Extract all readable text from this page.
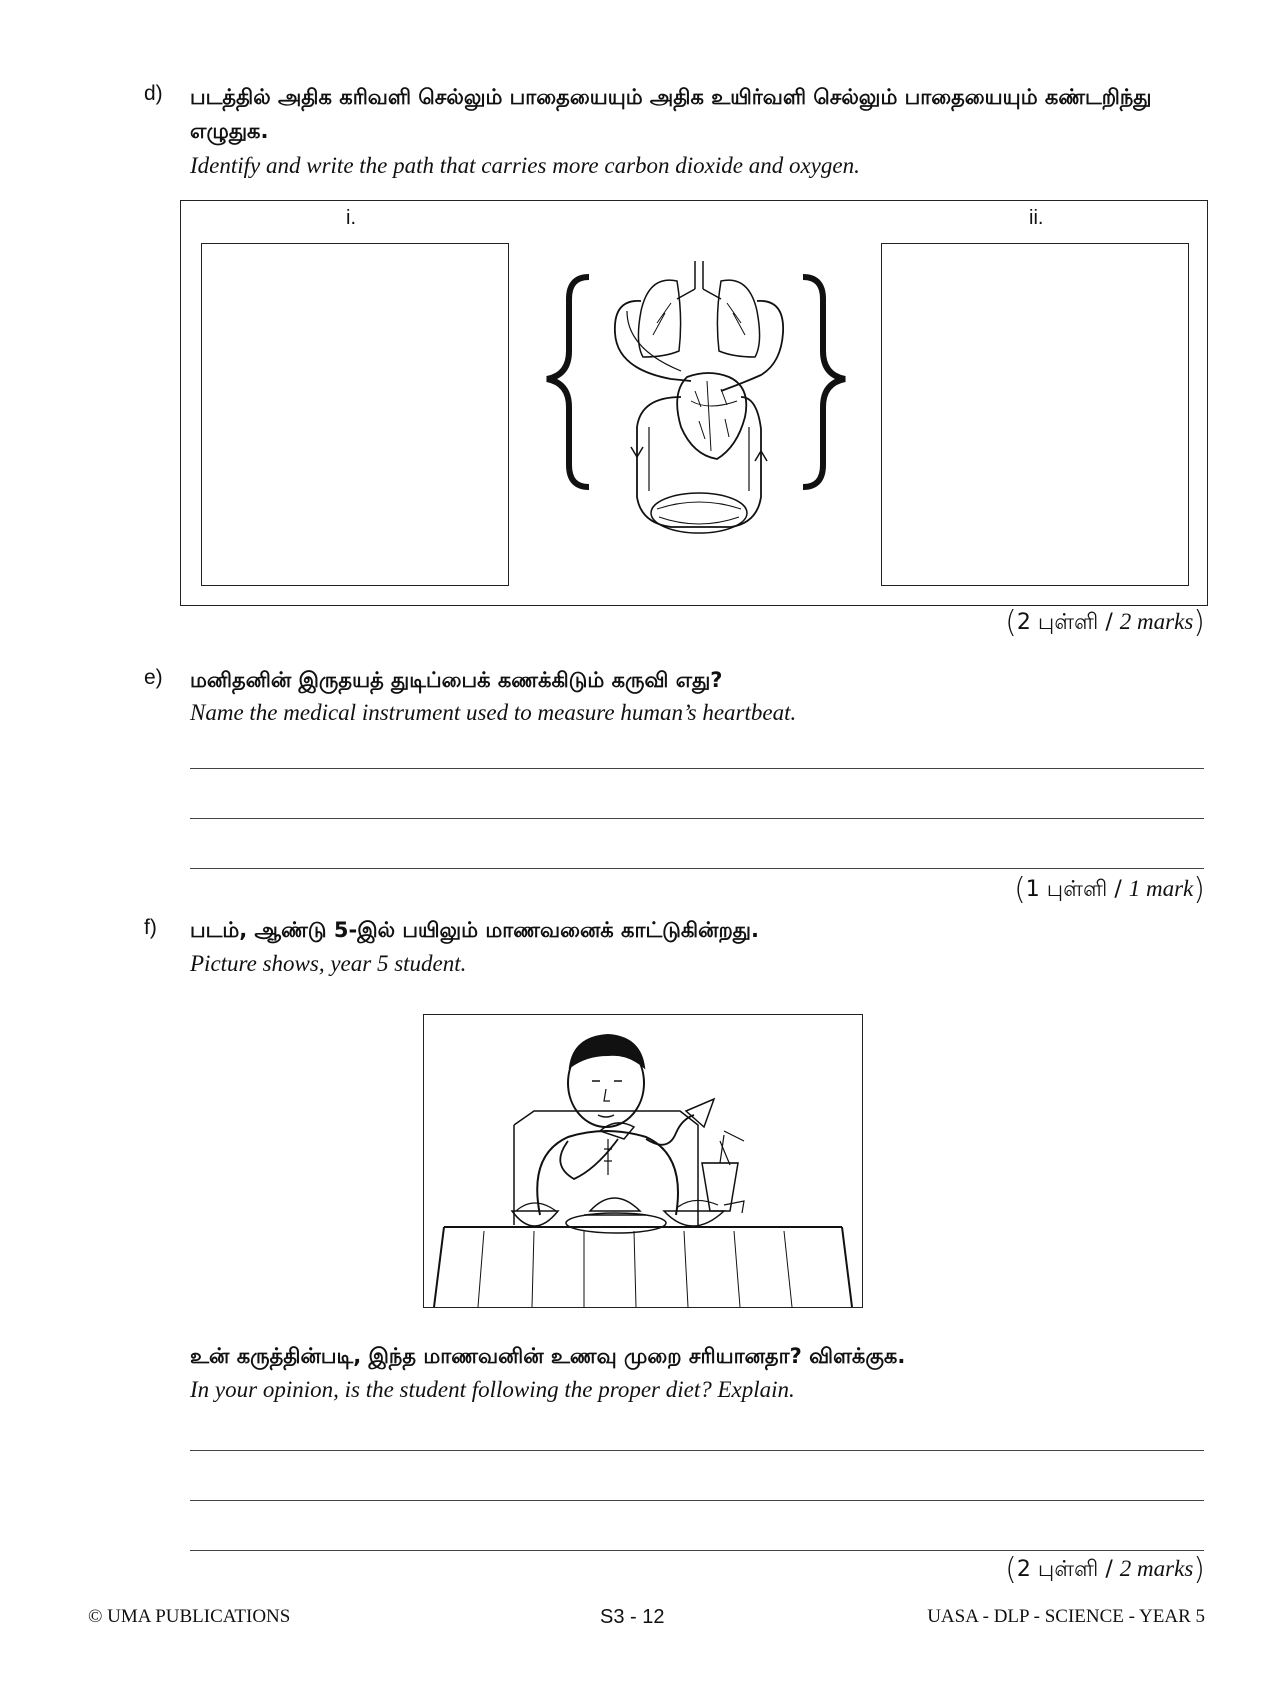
d) படத்தில் அதிக கரிவளி செல்லும் பாதையையும் அதிக உயிர்வளி செல்லும் பாதையையும் கண்டறிந்து
எழுதுக.
Identify and write the path that carries more carbon dioxide and oxygen.
i.	ii.
(2 புள்ளி / 2 marks)
e) மனிதனின் இருதயத் துடிப்பைக் கணக்கிடும் கருவி எது?
Name the medical instrument used to measure human’s heartbeat.
(1 புள்ளி / 1 mark)
f) படம், ஆண்டு 5-இல் பயிலும் மாணவனைக் காட்டுகின்றது.
Picture shows, year 5 student.
உன் கருத்தின்படி, இந்த மாணவனின் உணவு முறை சரியானதா? விளக்குக.
In your opinion, is the student following the proper diet? Explain.
(2 புள்ளி / 2 marks)
© UMA PUBLICATIONS	S3 - 12	UASA - DLP - SCIENCE - YEAR 5
